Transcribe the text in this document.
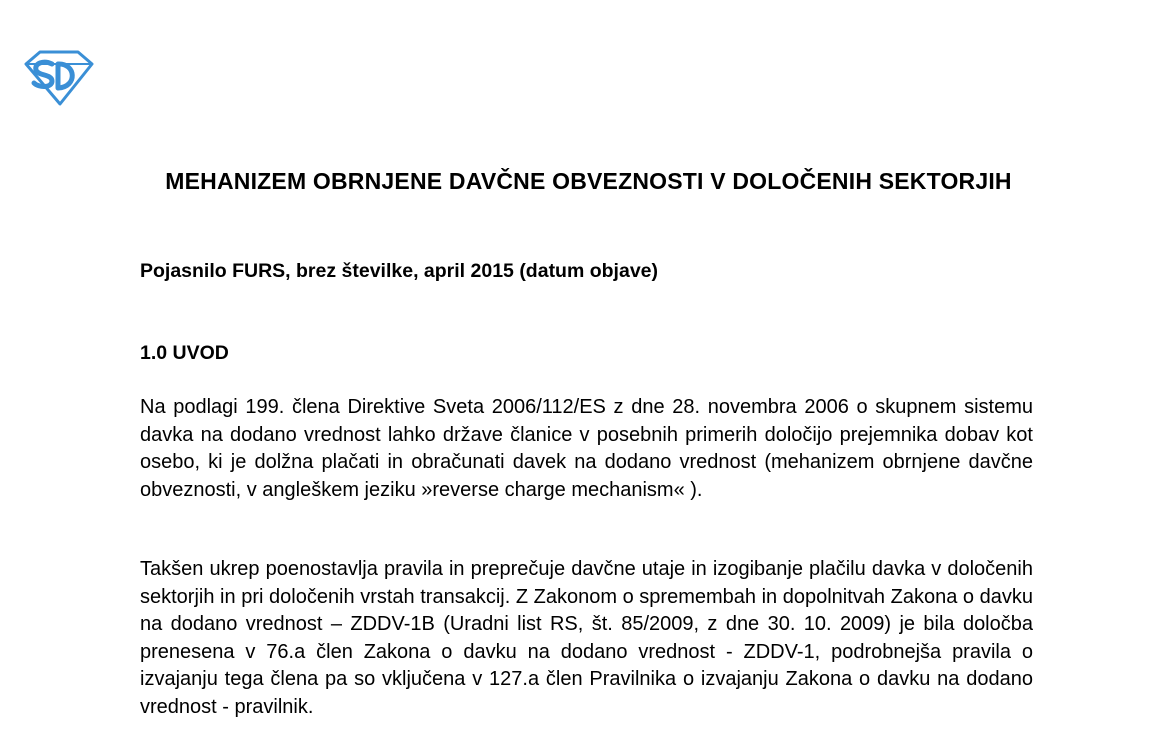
MEHANIZEM OBRNJENE DAVČNE OBVEZNOSTI V DOLOČENIH SEKTORJIH

Pojasnilo FURS, brez številke, april 2015 (datum objave)

1.0 UVOD

Na podlagi 199. člena Direktive Sveta 2006/112/ES z dne 28. novembra 2006 o skupnem sistemu davka na dodano vrednost lahko države članice v posebnih primerih določijo prejemnika dobav kot osebo, ki je dolžna plačati in obračunati davek na dodano vrednost (mehanizem obrnjene davčne obveznosti, v angleškem jeziku »reverse charge mechanism« ).

Takšen ukrep poenostavlja pravila in preprečuje davčne utaje in izogibanje plačilu davka v določenih sektorjih in pri določenih vrstah transakcij. Z Zakonom o spremembah in dopolnitvah Zakona o davku na dodano vrednost – ZDDV-1B (Uradni list RS, št. 85/2009, z dne 30. 10. 2009) je bila določba prenesena v 76.a člen Zakona o davku na dodano vrednost - ZDDV-1, podrobnejša pravila o izvajanju tega člena pa so vključena v 127.a člen Pravilnika o izvajanju Zakona o davku na dodano vrednost - pravilnik.
